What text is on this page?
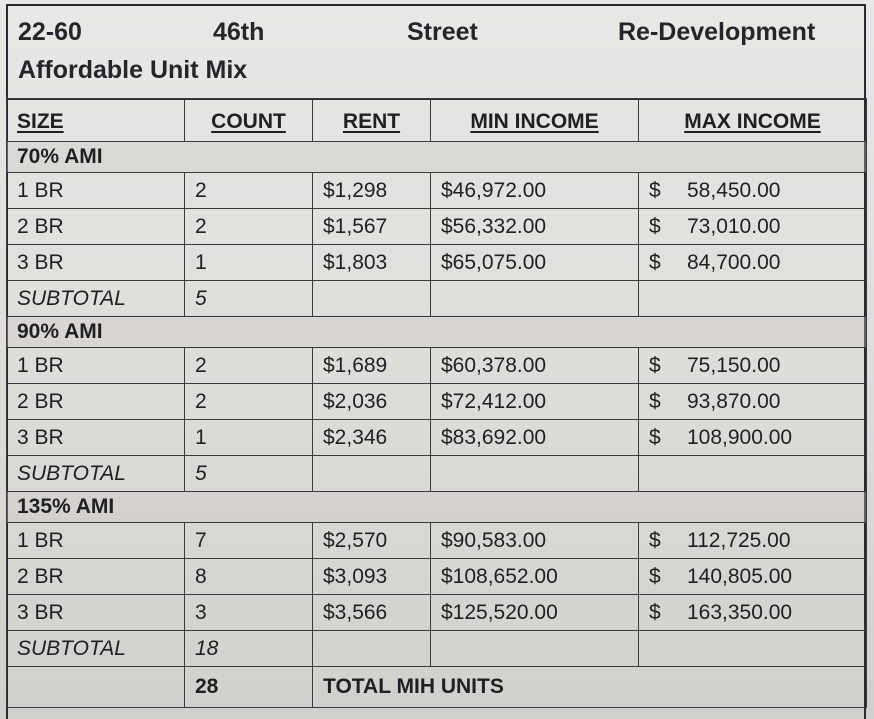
22-60	46th	Street	Re-Development
Affordable Unit Mix
SIZE	COUNT	RENT	MIN INCOME	MAX INCOME
70% AMI				
1 BR	2	$1,298	$46,972.00	$ 58,450.00
2 BR	2	$1,567	$56,332.00	$ 73,010.00
3 BR	1	$1,803	$65,075.00	$ 84,700.00
SUBTOTAL	5			
90% AMI				
1 BR	2	$1,689	$60,378.00	$ 75,150.00
2 BR	2	$2,036	$72,412.00	$ 93,870.00
3 BR	1	$2,346	$83,692.00	$ 108,900.00
SUBTOTAL	5			
135% AMI				
1 BR	7	$2,570	$90,583.00	$ 112,725.00
2 BR	8	$3,093	$108,652.00	$ 140,805.00
3 BR	3	$3,566	$125,520.00	$ 163,350.00
SUBTOTAL	18			
	28	TOTAL MIH UNITS		
